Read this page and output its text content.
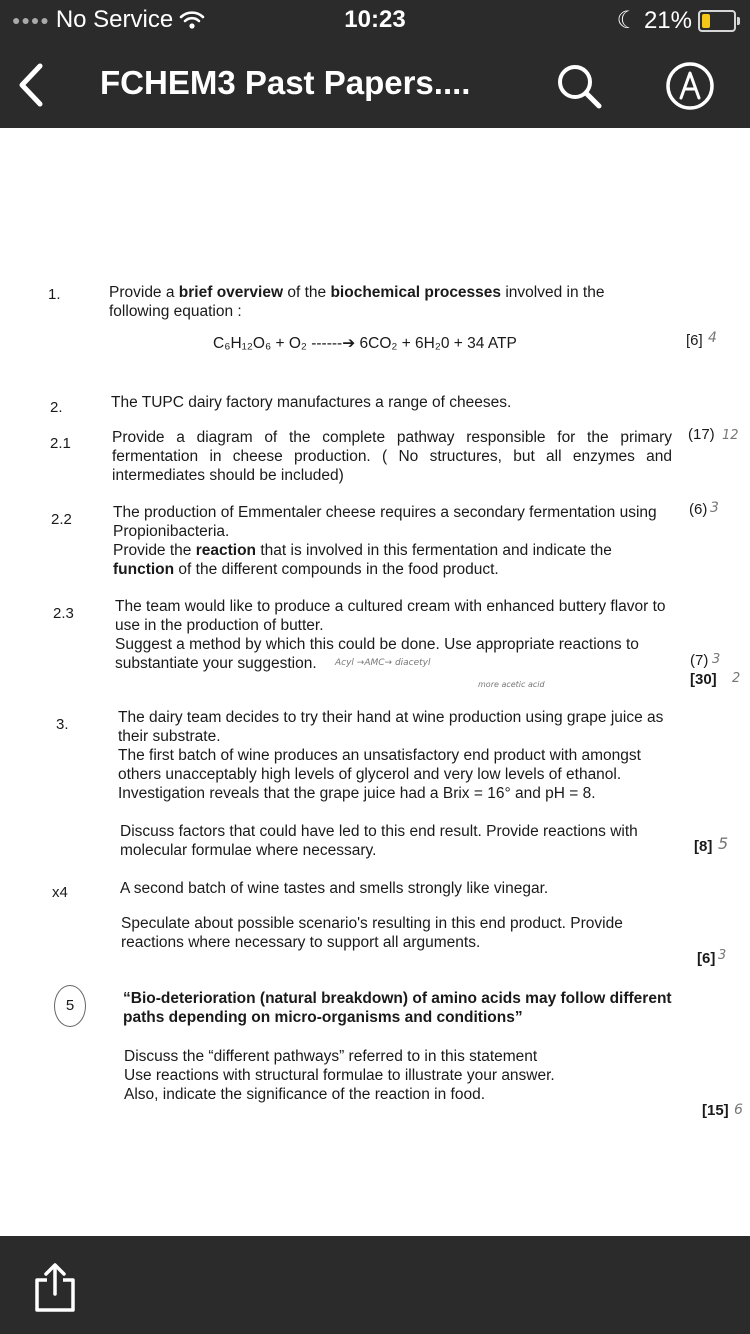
●●●● No Service	10:23	☾ 21%
FCHEM3 Past Papers....
1.	Provide a brief overview of the biochemical processes involved in the following equation :
C₆H₁₂O₆ + O₂ ------➔ 6CO₂ + 6H₂0 + 34 ATP	[6] 4
2.	The TUPC dairy factory manufactures a range of cheeses.
2.1	Provide a diagram of the complete pathway responsible for the primary fermentation in cheese production. ( No structures, but all enzymes and intermediates should be included)
(17) 12
2.2	The production of Emmentaler cheese requires a secondary fermentation using Propionibacteria.
Provide the reaction that is involved in this fermentation and indicate the function of the different compounds in the food product.
(6) 3
2.3	The team would like to produce a cultured cream with enhanced buttery flavor to use in the production of butter.
Suggest a method by which this could be done. Use appropriate reactions to substantiate your suggestion.	Acyl →AMC→ diacetyl
more acetic acid
(7) 3
[30] 2
3.	The dairy team decides to try their hand at wine production using grape juice as their substrate.
The first batch of wine produces an unsatisfactory end product with amongst others unacceptably high levels of glycerol and very low levels of ethanol. Investigation reveals that the grape juice had a Brix = 16° and pH = 8.
Discuss factors that could have led to this end result. Provide reactions with molecular formulae where necessary.	[8] 5
x4	A second batch of wine tastes and smells strongly like vinegar.
Speculate about possible scenario's resulting in this end product. Provide reactions where necessary to support all arguments.
[6] 3
5	“Bio-deterioration (natural breakdown) of amino acids may follow different paths depending on micro-organisms and conditions”
Discuss the “different pathways” referred to in this statement
Use reactions with structural formulae to illustrate your answer.
Also, indicate the significance of the reaction in food.
[15] 6
